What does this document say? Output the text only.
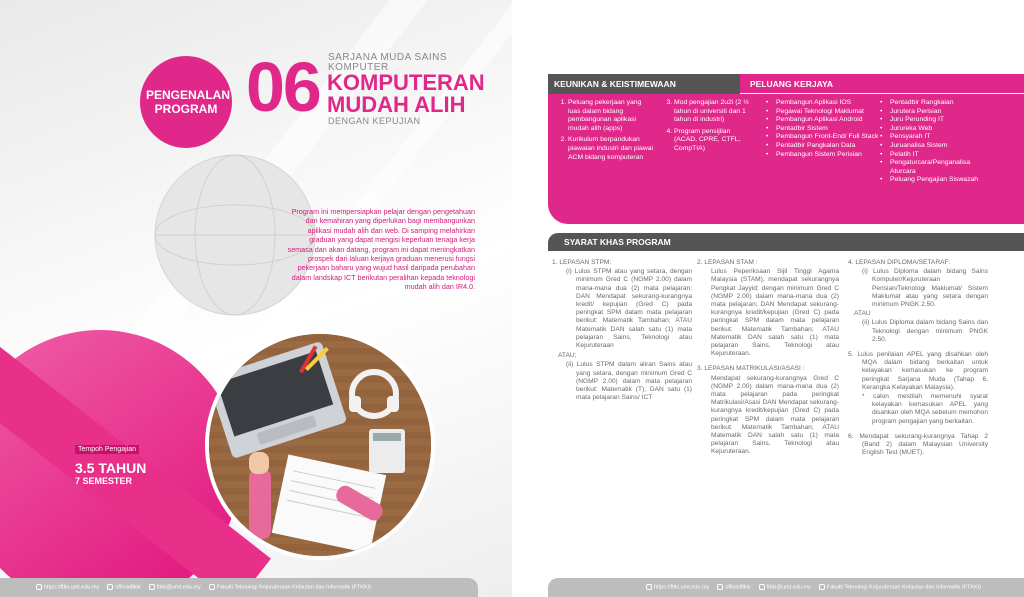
PENGENALAN PROGRAM 06 SARJANA MUDA SAINS KOMPUTER
KOMPUTERAN MUDAH ALIH
DENGAN KEPUJIAN
Program ini mempersiapkan pelajar dengan pengetahuan dan kemahiran yang diperlukan bagi membangunkan aplikasi mudah alih dan web. Di samping melahirkan graduan yang dapat mengisi keperluan tenaga kerja semasa dan akan datang, program ini dapat meningkatkan prospek dari laluan kerjaya graduan menerusi fungsi pekerjaan baharu yang wujud hasil daripada perubahan dalam landskap ICT berikutan peralihan kepada teknologi mudah alih dan IR4.0.
Tempoh Pengajian
3.5 TAHUN
7 SEMESTER
https://fttki.umt.edu.my	officialftkki	ftkki@umt.edu.my	Fakulti Teknologi Kejuruteraan Kelautan dan Informatik (FTKKI)
KEUNIKAN & KEISTIMEWAAN	PELUANG KERJAYA
1. Peluang pekerjaan yang luas dalam bidang pembangunan aplikasi mudah alih (apps)
2. Kurikulum berpandukan piawaian industri dan piawai ACM bidang komputeran
3. Mod pengajian 2u2i (2 ½ tahun di universiti dan 1 tahun di industri)
4. Program pensijilan (ACAD, CPRE, CTFL, CompTIA)
• Pembangun Aplikasi IOS
• Pegawai Teknologi Maklumat
• Pembangun Aplikasi Android
• Pentadbir Sistem
• Pembangun Front-End/ Full Stack
• Pentadbir Pangkalan Data
• Pembangun Sistem Perisian
• Pentadbir Rangkaian
• Jurutera Perisian
• Juru Perunding IT
• Jurureka Web
• Pensyarah IT
• Juruanalisa Sistem
• Pelatih IT
• Pengaturcara/Penganalisa Aturcara
• Peluang Pengajian Siswazah
SYARAT KHAS PROGRAM
1. LEPASAN STPM:
(i) Lulus STPM atau yang setara, dengan minimum Gred C (NGMP 2.00) dalam mana-mana dua (2) mata pelajaran; DAN Mendapat sekurang-kurangnya kredit/ kepujian (Gred C) pada peringkat SPM dalam mata pelajaran berikut: Matematik Tambahan; ATAU Matematik DAN salah satu (1) mata pelajaran Sains, Teknologi atau Kejuruteraan
ATAU;
(ii) Lulus STPM dalam aliran Sains atau yang setara, dengan minimum Gred C (NGMP 2.00) dalam mata pelajaran berikut: Matematik (T); DAN satu (1) mata pelajaran Sains/ ICT
2. LEPASAN STAM :
Lulus Peperiksaan Sijil Tinggi Agama Malaysia (STAM), mendapat sekurangnya Pengkat Jayyid; dengan minimum Gred C (NGMP 2.00) dalam mana-mana dua (2) mata pelajaran; DAN Mendapat sekurang-kurangnya kredit/kepujian (Gred C) pada peringkat SPM dalam mata pelajaran berikut: Matematik Tambahan; ATAU Matematik DAN salah satu (1) mata pelajaran Sains, Teknologi atau Kejuruteraan.
3. LEPASAN MATRIKULASI/ASASI :
Mendapat sekurang-kurangnya Gred C (NGMP 2.00) dalam mana-mana dua (2) mata pelajaran pada peringkat Matrikulasi/Asasi DAN Mendapat sekurang-kurangnya kredit/kepujian (Gred C) pada peringkat SPM dalam mata pelajaran berikut: Matematik Tambahan; ATAU Matematik DAN salah satu (1) mata pelajaran Sains, Teknologi atau Kejuruteraan.
4. LEPASAN DIPLOMA/SETARAF:
(i) Lulus Diploma dalam bidang Sains Komputer/Kejuruteraan Perisian/Teknologi Maklumat/ Sistem Maklumat atau yang setara dengan minimum PNGK 2.50.
ATAU
(ii) Lulus Diploma dalam bidang Sains dan Teknologi dengan minimum PNGK 2.50.
5. Lulus penilaian APEL yang disahkan oleh MQA dalam bidang berkaitan untuk kelayakan kemasukan ke program peringkat Sarjana Muda (Tahap 6, Kerangka Kelayakan Malaysia).
* calon mestilah memenuhi syarat kelayakan kemasukan APEL yang disahkan oleh MQA sebelum memohon program pengajian yang berkaitan.
6. Mendapat sekurang-kurangnya Tahap 2 (Band 2) dalam Malaysian University English Test (MUET).
https://fttki.umt.edu.my	officialftkki	ftkki@umt.edu.my	Fakulti Teknologi Kejuruteraan Kelautan dan Informatik (FTKKI)
